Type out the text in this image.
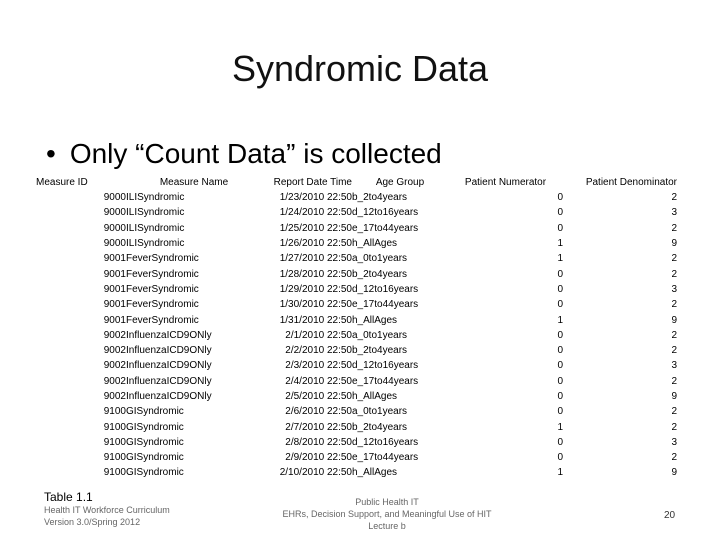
Syndromic Data
• Only “Count Data” is collected
Measure ID	Measure Name	Report Date Time	Age Group	Patient Numerator	Patient Denominator
9000	ILISyndromic	1/23/2010 22:50	b_2to4years	0	2
9000	ILISyndromic	1/24/2010 22:50	d_12to16years	0	3
9000	ILISyndromic	1/25/2010 22:50	e_17to44years	0	2
9000	ILISyndromic	1/26/2010 22:50	h_AllAges	1	9
9001	FeverSyndromic	1/27/2010 22:50	a_0to1years	1	2
9001	FeverSyndromic	1/28/2010 22:50	b_2to4years	0	2
9001	FeverSyndromic	1/29/2010 22:50	d_12to16years	0	3
9001	FeverSyndromic	1/30/2010 22:50	e_17to44years	0	2
9001	FeverSyndromic	1/31/2010 22:50	h_AllAges	1	9
9002	InfluenzaICD9ONly	2/1/2010 22:50	a_0to1years	0	2
9002	InfluenzaICD9ONly	2/2/2010 22:50	b_2to4years	0	2
9002	InfluenzaICD9ONly	2/3/2010 22:50	d_12to16years	0	3
9002	InfluenzaICD9ONly	2/4/2010 22:50	e_17to44years	0	2
9002	InfluenzaICD9ONly	2/5/2010 22:50	h_AllAges	0	9
9100	GISyndromic	2/6/2010 22:50	a_0to1years	0	2
9100	GISyndromic	2/7/2010 22:50	b_2to4years	1	2
9100	GISyndromic	2/8/2010 22:50	d_12to16years	0	3
9100	GISyndromic	2/9/2010 22:50	e_17to44years	0	2
9100	GISyndromic	2/10/2010 22:50	h_AllAges	1	9
Table 1.1
Health IT Workforce Curriculum
Version 3.0/Spring 2012
Public Health IT
EHRs, Decision Support, and Meaningful Use of HIT
Lecture b
20
